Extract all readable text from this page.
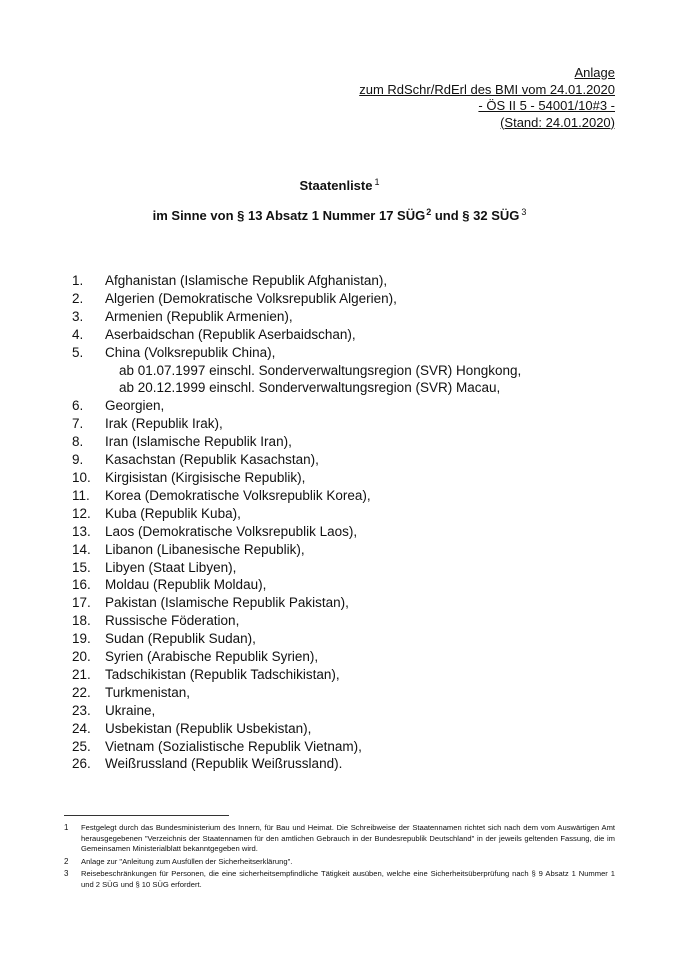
Anlage
zum RdSchr/RdErl des BMI vom 24.01.2020
- ÖS II 5 - 54001/10#3 -
(Stand: 24.01.2020)
Staatenliste $^1$
im Sinne von § 13 Absatz 1 Nummer 17 SÜG$^2$ und § 32 SÜG $^3$
1.	Afghanistan (Islamische Republik Afghanistan),
2.	Algerien (Demokratische Volksrepublik Algerien),
3.	Armenien (Republik Armenien),
4.	Aserbaidschan (Republik Aserbaidschan),
5.	China (Volksrepublik China),
ab 01.07.1997 einschl. Sonderverwaltungsregion (SVR) Hongkong,
ab 20.12.1999 einschl. Sonderverwaltungsregion (SVR) Macau,
6.	Georgien,
7.	Irak (Republik Irak),
8.	Iran (Islamische Republik Iran),
9.	Kasachstan (Republik Kasachstan),
10.	Kirgisistan (Kirgisische Republik),
11.	Korea (Demokratische Volksrepublik Korea),
12.	Kuba (Republik Kuba),
13.	Laos (Demokratische Volksrepublik Laos),
14.	Libanon (Libanesische Republik),
15.	Libyen (Staat Libyen),
16.	Moldau (Republik Moldau),
17.	Pakistan (Islamische Republik Pakistan),
18.	Russische Föderation,
19.	Sudan (Republik Sudan),
20.	Syrien (Arabische Republik Syrien),
21.	Tadschikistan (Republik Tadschikistan),
22.	Turkmenistan,
23.	Ukraine,
24.	Usbekistan (Republik Usbekistan),
25.	Vietnam (Sozialistische Republik Vietnam),
26.	Weißrussland (Republik Weißrussland).
1	Festgelegt durch das Bundesministerium des Innern, für Bau und Heimat. Die Schreibweise der Staatennamen richtet sich nach dem vom Auswärtigen Amt herausgegebenen "Verzeichnis der Staatennamen für den amtlichen Gebrauch in der Bundesrepublik Deutschland" in der jeweils geltenden Fassung, die im Gemeinsamen Ministerialblatt bekanntgegeben wird.
2	Anlage zur "Anleitung zum Ausfüllen der Sicherheitserklärung".
3	Reisebeschränkungen für Personen, die eine sicherheitsempfindliche Tätigkeit ausüben, welche eine Sicherheitsüberprüfung nach § 9 Absatz 1 Nummer 1 und 2 SÜG und § 10 SÜG erfordert.
